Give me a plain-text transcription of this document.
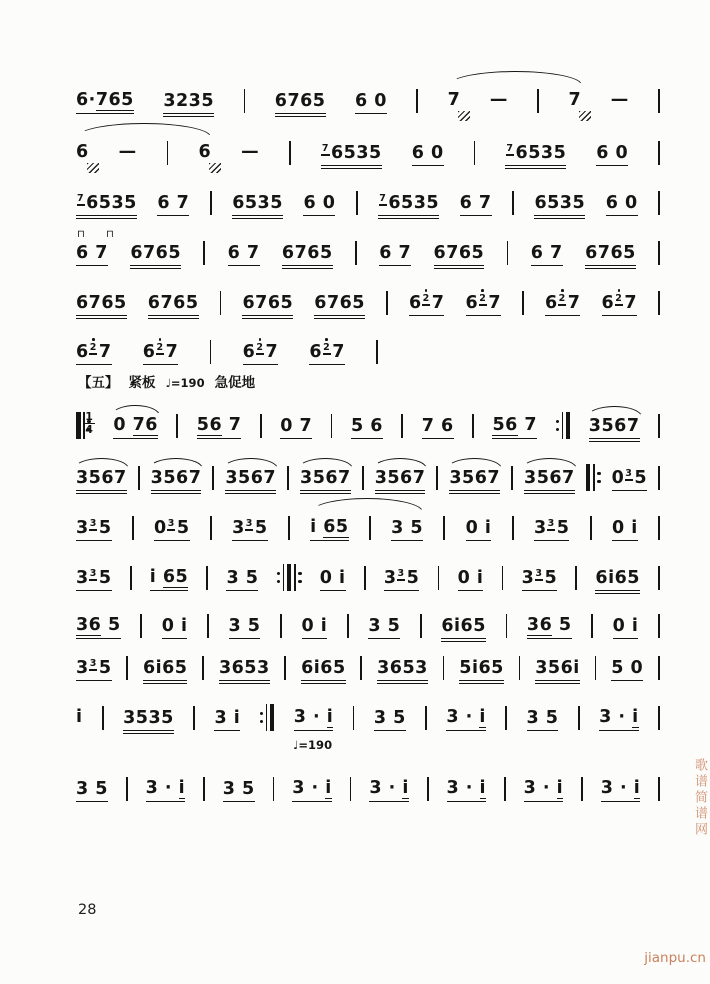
6·765 3235	6765 6 0	7 —	7 —
6 —	6 —	7 6535 6 0	7 6535 6 0
7 6535 6 7 6535 6 0	7 6535 6 7 6535 6 0
6 7
⊓ ⊓
6765	6 7 6765	6 7 6765	6 7 6765
6765 6765	6765 6765	6
2 7 6
2 7	6
2 7 6
2 7
6
2 7 6
2 7	6
2 7 6
2 7
$\frac{1}{4} 0$ 76 56 7 0 7 5 6 7 6 56 7	3567
3567 3567 3567 3567 3567 3567 3567 03 5
33 5 03 5 33 5 i 65 3 5 0 i 33 5 0 i
33 5 i 65 3 5	0 i 33 5 0 i 33 5 6i65
36 5 0 i 3 5 0 i 3 5 6i65 36 5 0 i
33 5 6i65 3653 6i65 3653 5i65 356i 5 0
i 3535 3 i	3 · i 3 5 3 · i 3 5 3 · i
3 5 3 · i 3 5 3 · i 3 · i 3 · i 3 · i 3 · i
【五】 紧板 ♩=190 急促地
♩=190
28
歌谱简谱网
jianpu.cn
